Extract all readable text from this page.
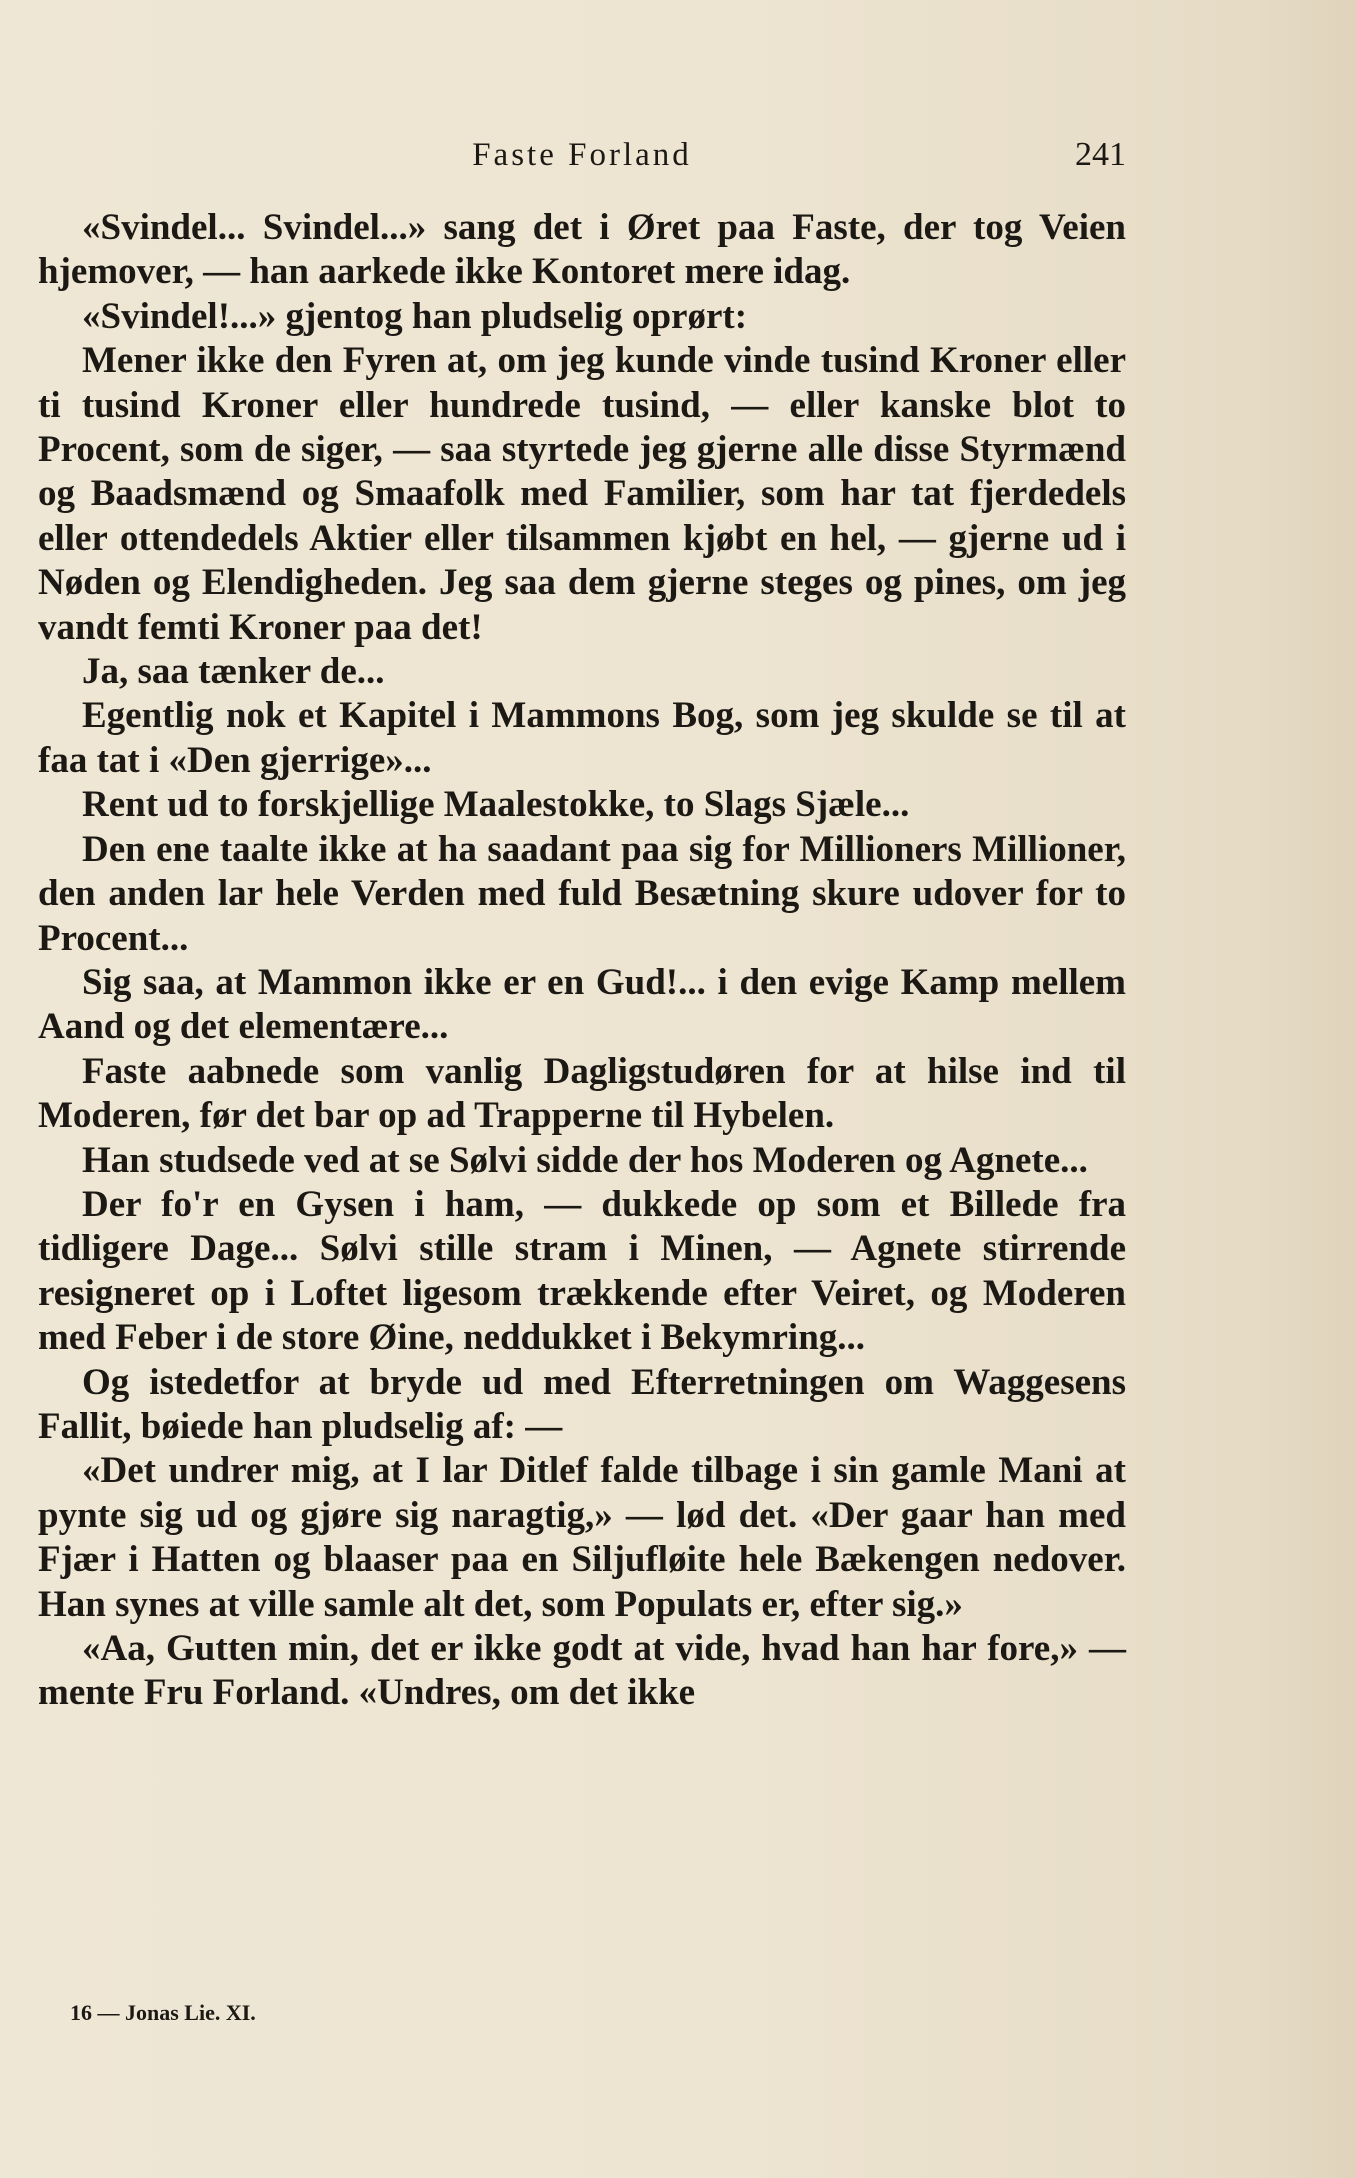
Faste Forland	241

«Svindel... Svindel...» sang det i Øret paa Faste, der tog Veien hjemover, — han aarkede ikke Kontoret mere idag.

«Svindel!...» gjentog han pludselig oprørt:

Mener ikke den Fyren at, om jeg kunde vinde tusind Kroner eller ti tusind Kroner eller hundrede tusind, — eller kanske blot to Procent, som de siger, — saa styrtede jeg gjerne alle disse Styrmænd og Baadsmænd og Smaafolk med Familier, som har tat fjerdedels eller ottendedels Aktier eller tilsammen kjøbt en hel, — gjerne ud i Nøden og Elendigheden. Jeg saa dem gjerne steges og pines, om jeg vandt femti Kroner paa det!

Ja, saa tænker de...

Egentlig nok et Kapitel i Mammons Bog, som jeg skulde se til at faa tat i «Den gjerrige»...

Rent ud to forskjellige Maalestokke, to Slags Sjæle...

Den ene taalte ikke at ha saadant paa sig for Millioners Millioner, den anden lar hele Verden med fuld Besætning skure udover for to Procent...

Sig saa, at Mammon ikke er en Gud!... i den evige Kamp mellem Aand og det elementære...

Faste aabnede som vanlig Dagligstudøren for at hilse ind til Moderen, før det bar op ad Trapperne til Hybelen.

Han studsede ved at se Sølvi sidde der hos Moderen og Agnete...

Der fo'r en Gysen i ham, — dukkede op som et Billede fra tidligere Dage... Sølvi stille stram i Minen, — Agnete stirrende resigneret op i Loftet ligesom trækkende efter Veiret, og Moderen med Feber i de store Øine, neddukket i Bekymring...

Og istedetfor at bryde ud med Efterretningen om Waggesens Fallit, bøiede han pludselig af: —

«Det undrer mig, at I lar Ditlef falde tilbage i sin gamle Mani at pynte sig ud og gjøre sig naragtig,» — lød det. «Der gaar han med Fjær i Hatten og blaaser paa en Siljufløite hele Bækengen nedover. Han synes at ville samle alt det, som Populats er, efter sig.»

«Aa, Gutten min, det er ikke godt at vide, hvad han har fore,» — mente Fru Forland. «Undres, om det ikke

16 — Jonas Lie. XI.
